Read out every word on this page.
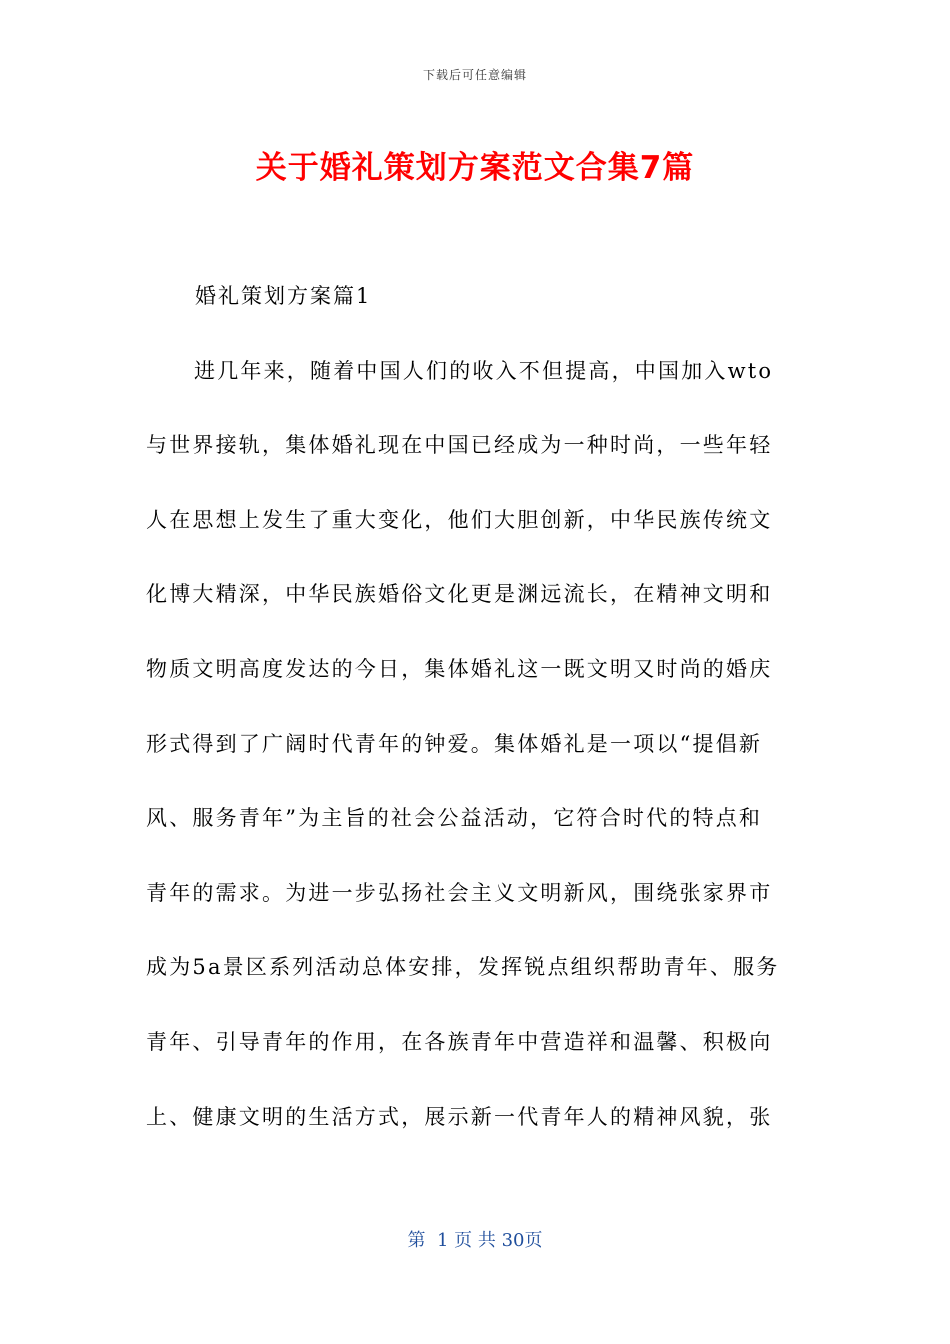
下载后可任意编辑
关于婚礼策划方案范文合集7篇
婚礼策划方案篇1
进几年来，随着中国人们的收入不但提高，中国加入wto
与世界接轨，集体婚礼现在中国已经成为一种时尚，一些年轻
人在思想上发生了重大变化，他们大胆创新，中华民族传统文
化博大精深，中华民族婚俗文化更是渊远流长，在精神文明和
物质文明高度发达的今日，集体婚礼这一既文明又时尚的婚庆
形式得到了广阔时代青年的钟爱。集体婚礼是一项以“提倡新
风、服务青年”为主旨的社会公益活动，它符合时代的特点和
青年的需求。为进一步弘扬社会主义文明新风，围绕张家界市
成为5a景区系列活动总体安排，发挥锐点组织帮助青年、服务
青年、引导青年的作用，在各族青年中营造祥和温馨、积极向
上、健康文明的生活方式，展示新一代青年人的精神风貌，张
第  1 页 共 30页
